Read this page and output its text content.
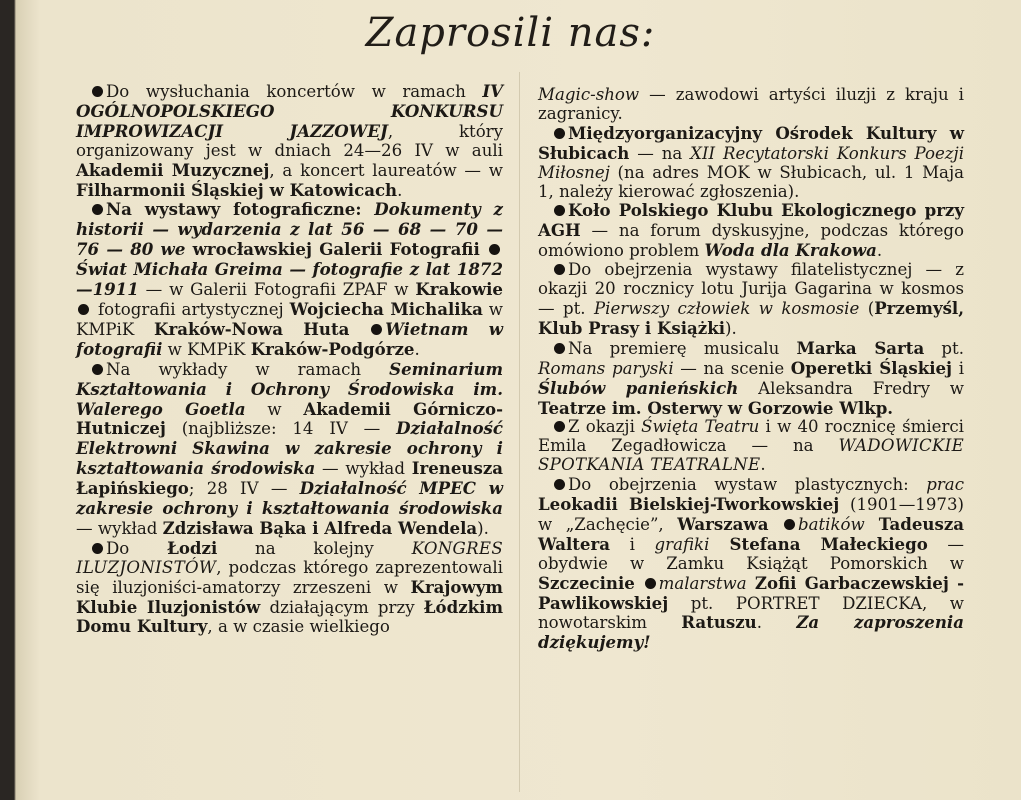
Zaprosili nas:

Do wysłuchania koncertów w ramach IV OGÓLNOPOLSKIEGO KONKURSU IMPROWIZACJI JAZZOWEJ, który organizowany jest w dniach 24—26 IV w auli Akademii Muzycznej, a koncert laureatów — w Filharmonii Śląskiej w Katowicach.

Na wystawy fotograficzne: Dokumenty z historii — wydarzenia z lat 56 — 68 — 70 — 76 — 80 we wrocławskiej Galerii Fotografii Świat Michała Greima — fotografie z lat 1872—1911 — w Galerii Fotografii ZPAF w Krakowie  fotografii artystycznej Wojciecha Michalika w KMPiK Kraków-Nowa Huta Wietnam w fotografii w KMPiK Kraków-Podgórze.

Na wykłady w ramach Seminarium Kształtowania i Ochrony Środowiska im. Walerego Goetla w Akademii Górniczo-Hutniczej (najbliższe: 14 IV — Działalność Elektrowni Skawina w zakresie ochrony i kształtowania środowiska — wykład Ireneusza Łapińskiego; 28 IV — Działalność MPEC w zakresie ochrony i kształtowania środowiska — wykład Zdzisława Bąka i Alfreda Wendela).

Do Łodzi na kolejny KONGRES ILUZJONISTÓW, podczas którego zaprezentowali się iluzjoniści-amatorzy zrzeszeni w Krajowym Klubie Iluzjonistów działającym przy Łódzkim Domu Kultury, a w czasie wielkiego

Magic-show — zawodowi artyści iluzji z kraju i zagranicy.

Międzyorganizacyjny Ośrodek Kultury w Słubicach — na XII Recytatorski Konkurs Poezji Miłosnej (na adres MOK w Słubicach, ul. 1 Maja 1, należy kierować zgłoszenia).

Koło Polskiego Klubu Ekologicznego przy AGH — na forum dyskusyjne, podczas którego omówiono problem Woda dla Krakowa.

Do obejrzenia wystawy filatelistycznej — z okazji 20 rocznicy lotu Jurija Gagarina w kosmos — pt. Pierwszy człowiek w kosmosie (Przemyśl, Klub Prasy i Książki).

Na premierę musicalu Marka Sarta pt. Romans paryski — na scenie Operetki Śląskiej i Ślubów panieńskich Aleksandra Fredry w Teatrze im. Osterwy w Gorzowie Wlkp.

Z okazji Święta Teatru i w 40 rocznicę śmierci Emila Zegadłowicza — na WADOWICKIE SPOTKANIA TEATRALNE.

Do obejrzenia wystaw plastycznych: prac Leokadii Bielskiej-Tworkowskiej (1901—1973) w „Zachęcie”, Warszawa batików Tadeusza Waltera i grafiki Stefana Małeckiego — obydwie w Zamku Książąt Pomorskich w Szczecinie malarstwa Zofii Garbaczewskiej - Pawlikowskiej pt. PORTRET DZIECKA, w nowotarskim Ratuszu. Za zaproszenia dziękujemy!
